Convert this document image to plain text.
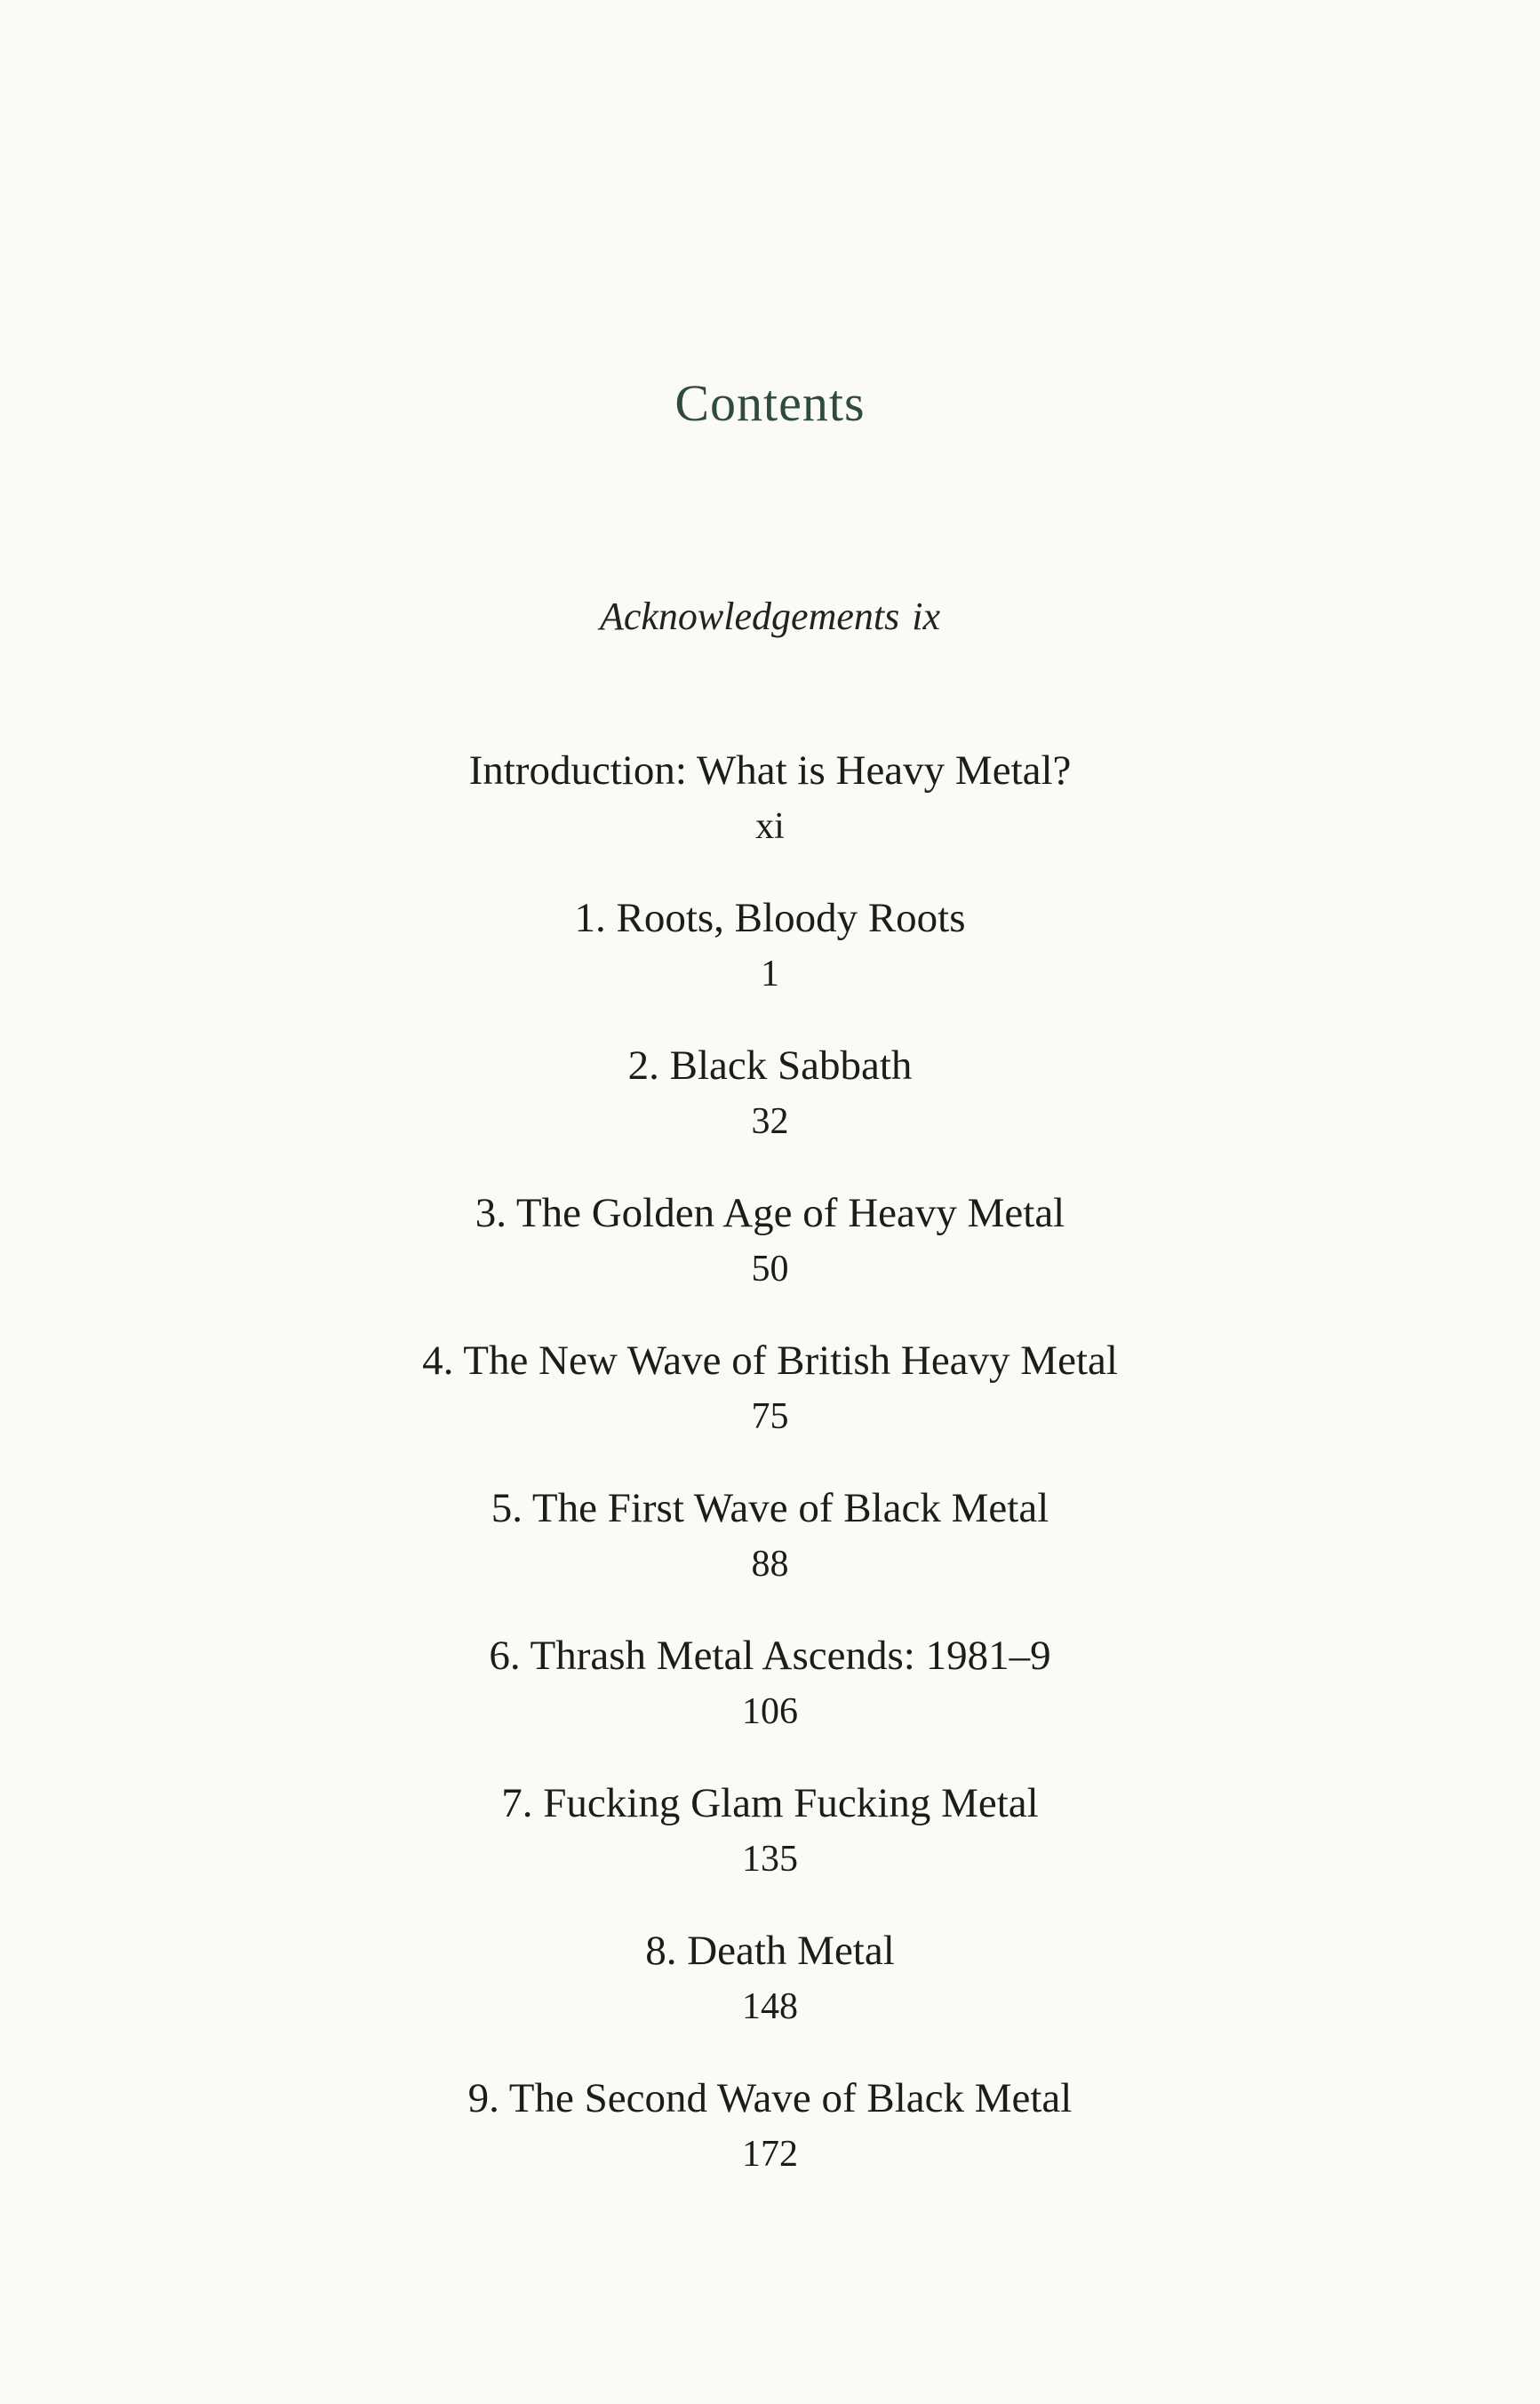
Contents
Acknowledgements ix
Introduction: What is Heavy Metal?
xi
1. Roots, Bloody Roots
1
2. Black Sabbath
32
3. The Golden Age of Heavy Metal
50
4. The New Wave of British Heavy Metal
75
5. The First Wave of Black Metal
88
6. Thrash Metal Ascends: 1981–9
106
7. Fucking Glam Fucking Metal
135
8. Death Metal
148
9. The Second Wave of Black Metal
172
